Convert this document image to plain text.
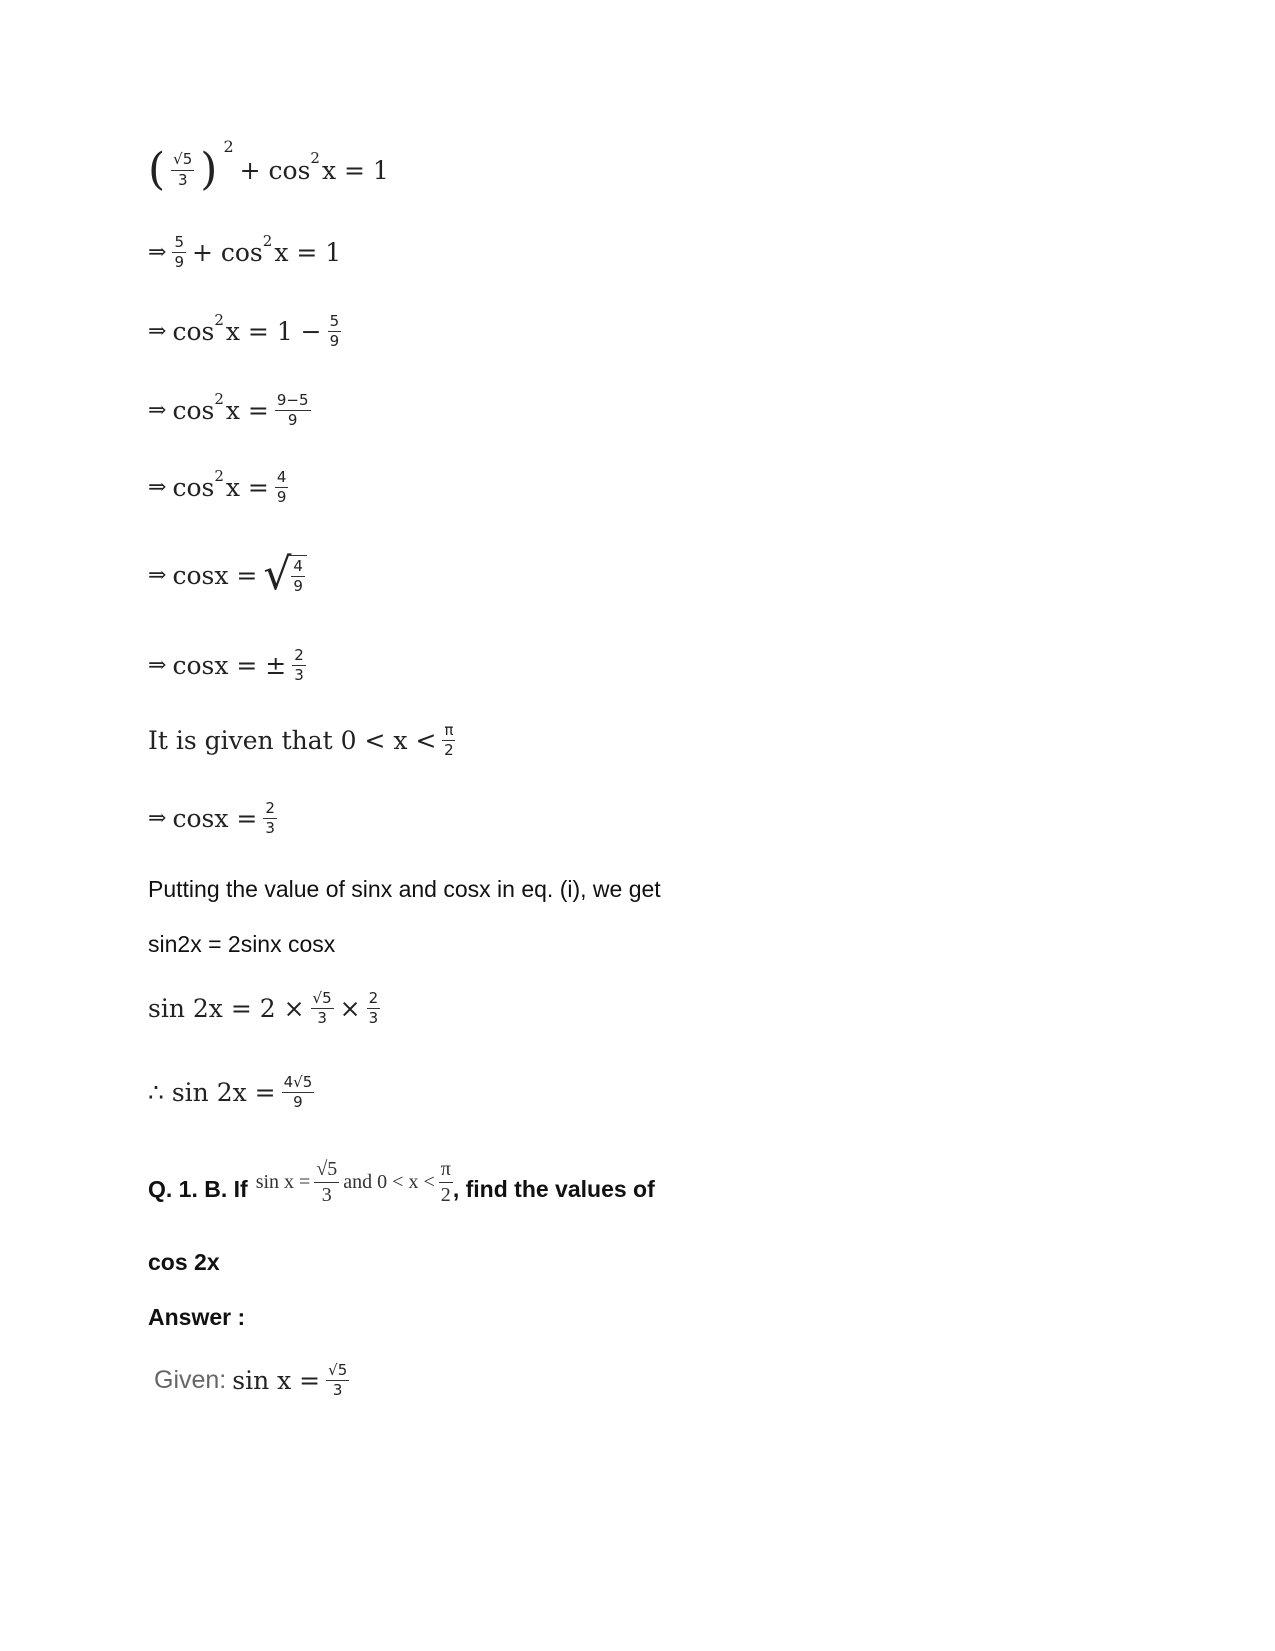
( $\frac{√5}{3}$ ) 2
+ cos 2 x = 1
⇒ $\frac{5}{9} + \cos 2$ x = 1
⇒ cos 2 $x = 1 - \frac{5}{9}$
⇒ cos 2 $x = \frac{9-5}{9}$
⇒ cos 2 $x = \frac{4}{9}$
⇒ cosx = √ $\frac{4}{9}$
⇒ cosx = ± $\frac{2}{3}$
It is given that $0 < x < \frac{\pi}{2}$
⇒ $\cos x = \frac{2}{3}$
Putting the value of sinx and cosx in eq. (i), we get
sin2x = 2sinx cosx
$\sin 2x = 2 \times \frac{√5}{3} \times \frac{2}{3}$
∴ $\sin 2x = \frac{4√5}{9}$
Q. 1. B. If $\sin x = \frac{√5}{3}$ and $0 < x < \frac{\pi}{2}$ , find the values of
cos 2x
Answer :
Given: $\sin x = \frac{√5}{3}$
